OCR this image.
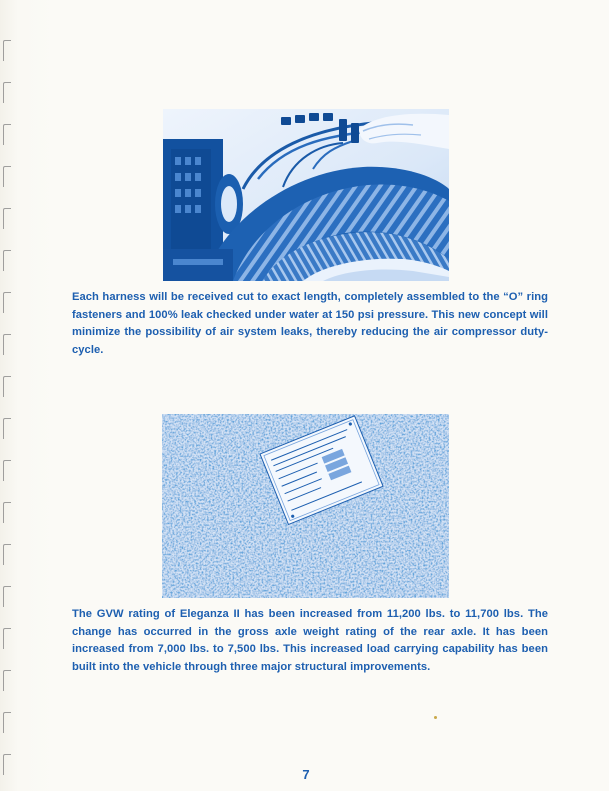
Each harness will be received cut to exact length, completely assembled to the “O” ring fasteners and 100% leak checked under water at 150 psi pressure. This new concept will minimize the possibility of air system leaks, thereby reducing the air compressor duty-cycle.

The GVW rating of Eleganza II has been increased from 11,200 lbs. to 11,700 lbs. The change has occurred in the gross axle weight rating of the rear axle. It has been increased from 7,000 lbs. to 7,500 lbs. This increased load carrying capability has been built into the vehicle through three major structural improvements.

7
